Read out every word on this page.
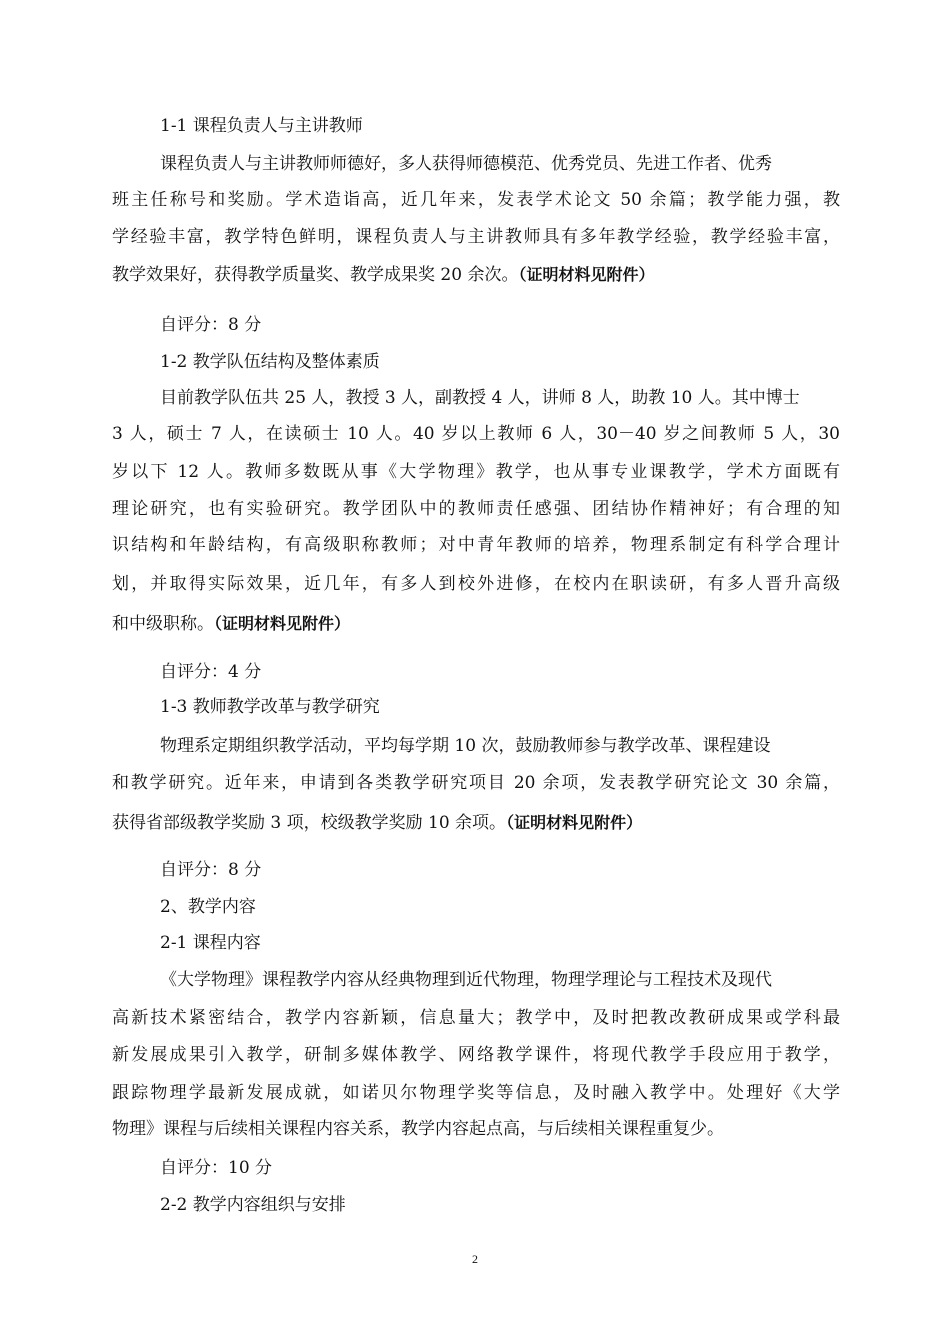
1-1 课程负责人与主讲教师
课程负责人与主讲教师师德好，多人获得师德模范、优秀党员、先进工作者、优秀
班主任称号和奖励。学术造诣高，近几年来，发表学术论文 50 余篇；教学能力强，教
学经验丰富，教学特色鲜明，课程负责人与主讲教师具有多年教学经验，教学经验丰富，
教学效果好，获得教学质量奖、教学成果奖 20 余次。（证明材料见附件）
自评分：8 分
1-2 教学队伍结构及整体素质
目前教学队伍共 25 人，教授 3 人，副教授 4 人，讲师 8 人，助教 10 人。其中博士
3 人，硕士 7 人，在读硕士 10 人。40 岁以上教师 6 人，30－40 岁之间教师 5 人，30
岁以下 12 人。教师多数既从事《大学物理》教学，也从事专业课教学，学术方面既有
理论研究，也有实验研究。教学团队中的教师责任感强、团结协作精神好；有合理的知
识结构和年龄结构，有高级职称教师；对中青年教师的培养，物理系制定有科学合理计
划，并取得实际效果，近几年，有多人到校外进修，在校内在职读研，有多人晋升高级
和中级职称。（证明材料见附件）
自评分：4 分
1-3 教师教学改革与教学研究
物理系定期组织教学活动，平均每学期 10 次，鼓励教师参与教学改革、课程建设
和教学研究。近年来，申请到各类教学研究项目 20 余项，发表教学研究论文 30 余篇，
获得省部级教学奖励 3 项，校级教学奖励 10 余项。（证明材料见附件）
自评分：8 分
2、教学内容
2-1 课程内容
《大学物理》课程教学内容从经典物理到近代物理，物理学理论与工程技术及现代
高新技术紧密结合，教学内容新颖，信息量大；教学中，及时把教改教研成果或学科最
新发展成果引入教学，研制多媒体教学、网络教学课件，将现代教学手段应用于教学，
跟踪物理学最新发展成就，如诺贝尔物理学奖等信息，及时融入教学中。处理好《大学
物理》课程与后续相关课程内容关系，教学内容起点高，与后续相关课程重复少。
自评分：10 分
2-2 教学内容组织与安排
2
